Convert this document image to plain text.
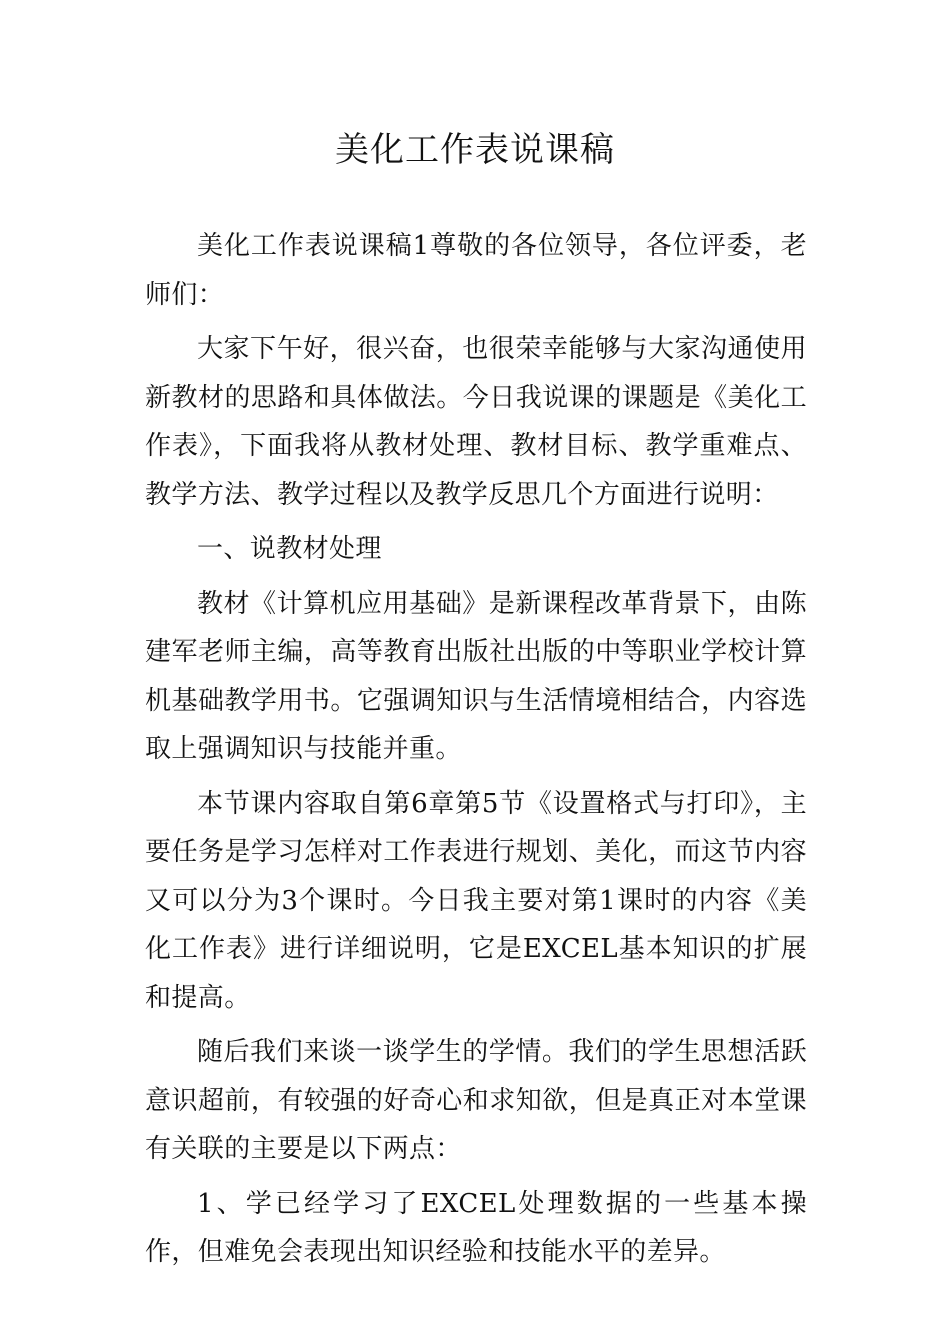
美化工作表说课稿

美化工作表说课稿1尊敬的各位领导，各位评委，老师们：

大家下午好，很兴奋，也很荣幸能够与大家沟通使用新教材的思路和具体做法。今日我说课的课题是《美化工作表》，下面我将从教材处理、教材目标、教学重难点、教学方法、教学过程以及教学反思几个方面进行说明：

一、说教材处理

教材《计算机应用基础》是新课程改革背景下，由陈建军老师主编，高等教育出版社出版的中等职业学校计算机基础教学用书。它强调知识与生活情境相结合，内容选取上强调知识与技能并重。

本节课内容取自第6章第5节《设置格式与打印》，主要任务是学习怎样对工作表进行规划、美化，而这节内容又可以分为3个课时。今日我主要对第1课时的内容《美化工作表》进行详细说明，它是EXCEL基本知识的扩展和提高。

随后我们来谈一谈学生的学情。我们的学生思想活跃意识超前，有较强的好奇心和求知欲，但是真正对本堂课有关联的主要是以下两点：

1、学已经学习了EXCEL处理数据的一些基本操作，但难免会表现出知识经验和技能水平的差异。
